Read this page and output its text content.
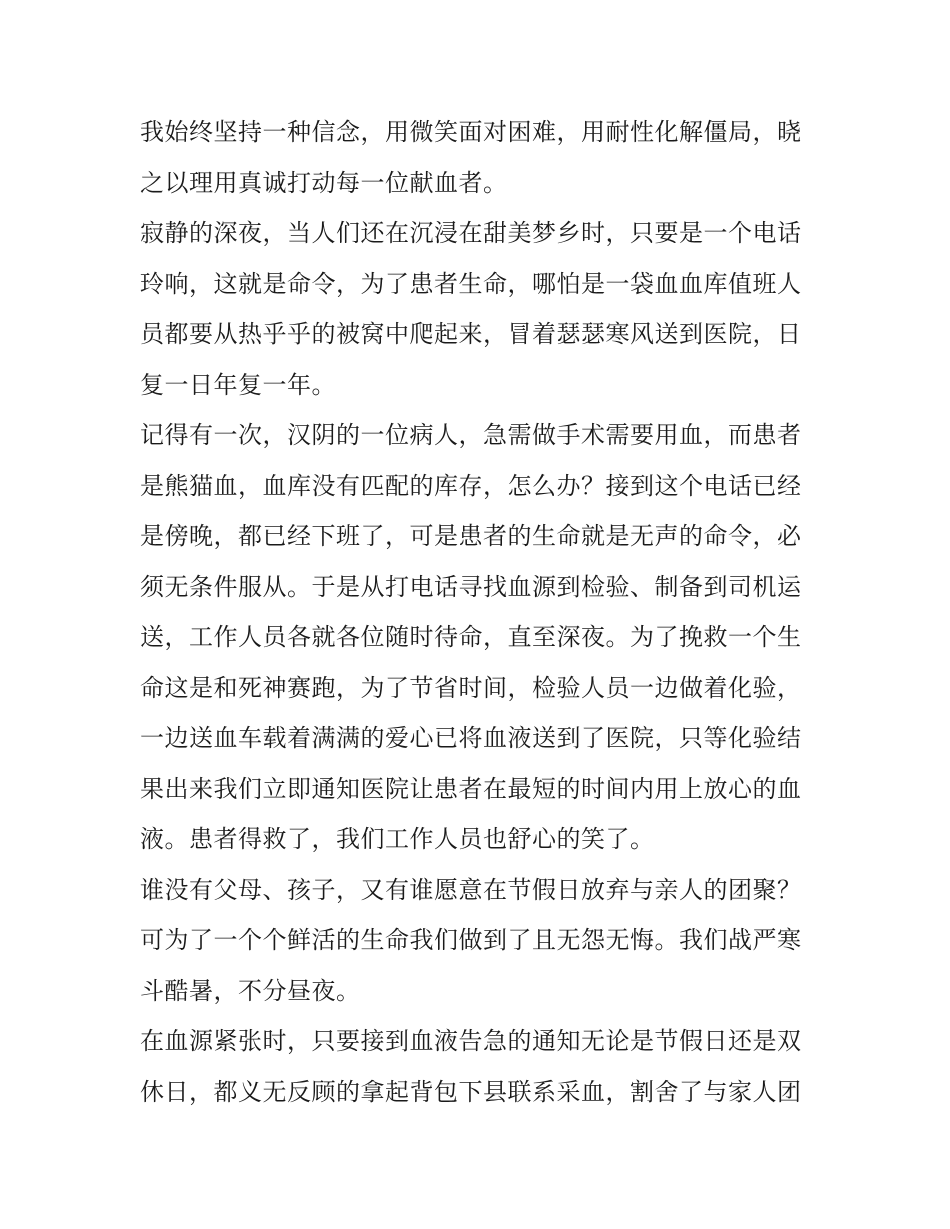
我始终坚持一种信念，用微笑面对困难，用耐性化解僵局，晓
之以理用真诚打动每一位献血者。

寂静的深夜，当人们还在沉浸在甜美梦乡时，只要是一个电话
玲响，这就是命令，为了患者生命，哪怕是一袋血血库值班人
员都要从热乎乎的被窝中爬起来，冒着瑟瑟寒风送到医院，日
复一日年复一年。

记得有一次，汉阴的一位病人，急需做手术需要用血，而患者
是熊猫血，血库没有匹配的库存，怎么办？接到这个电话已经
是傍晚，都已经下班了，可是患者的生命就是无声的命令，必
须无条件服从。于是从打电话寻找血源到检验、制备到司机运
送，工作人员各就各位随时待命，直至深夜。为了挽救一个生
命这是和死神赛跑，为了节省时间，检验人员一边做着化验，
一边送血车载着满满的爱心已将血液送到了医院，只等化验结
果出来我们立即通知医院让患者在最短的时间内用上放心的血
液。患者得救了，我们工作人员也舒心的笑了。

谁没有父母、孩子，又有谁愿意在节假日放弃与亲人的团聚？
可为了一个个鲜活的生命我们做到了且无怨无悔。我们战严寒
斗酷暑，不分昼夜。

在血源紧张时，只要接到血液告急的通知无论是节假日还是双
休日，都义无反顾的拿起背包下县联系采血，割舍了与家人团
